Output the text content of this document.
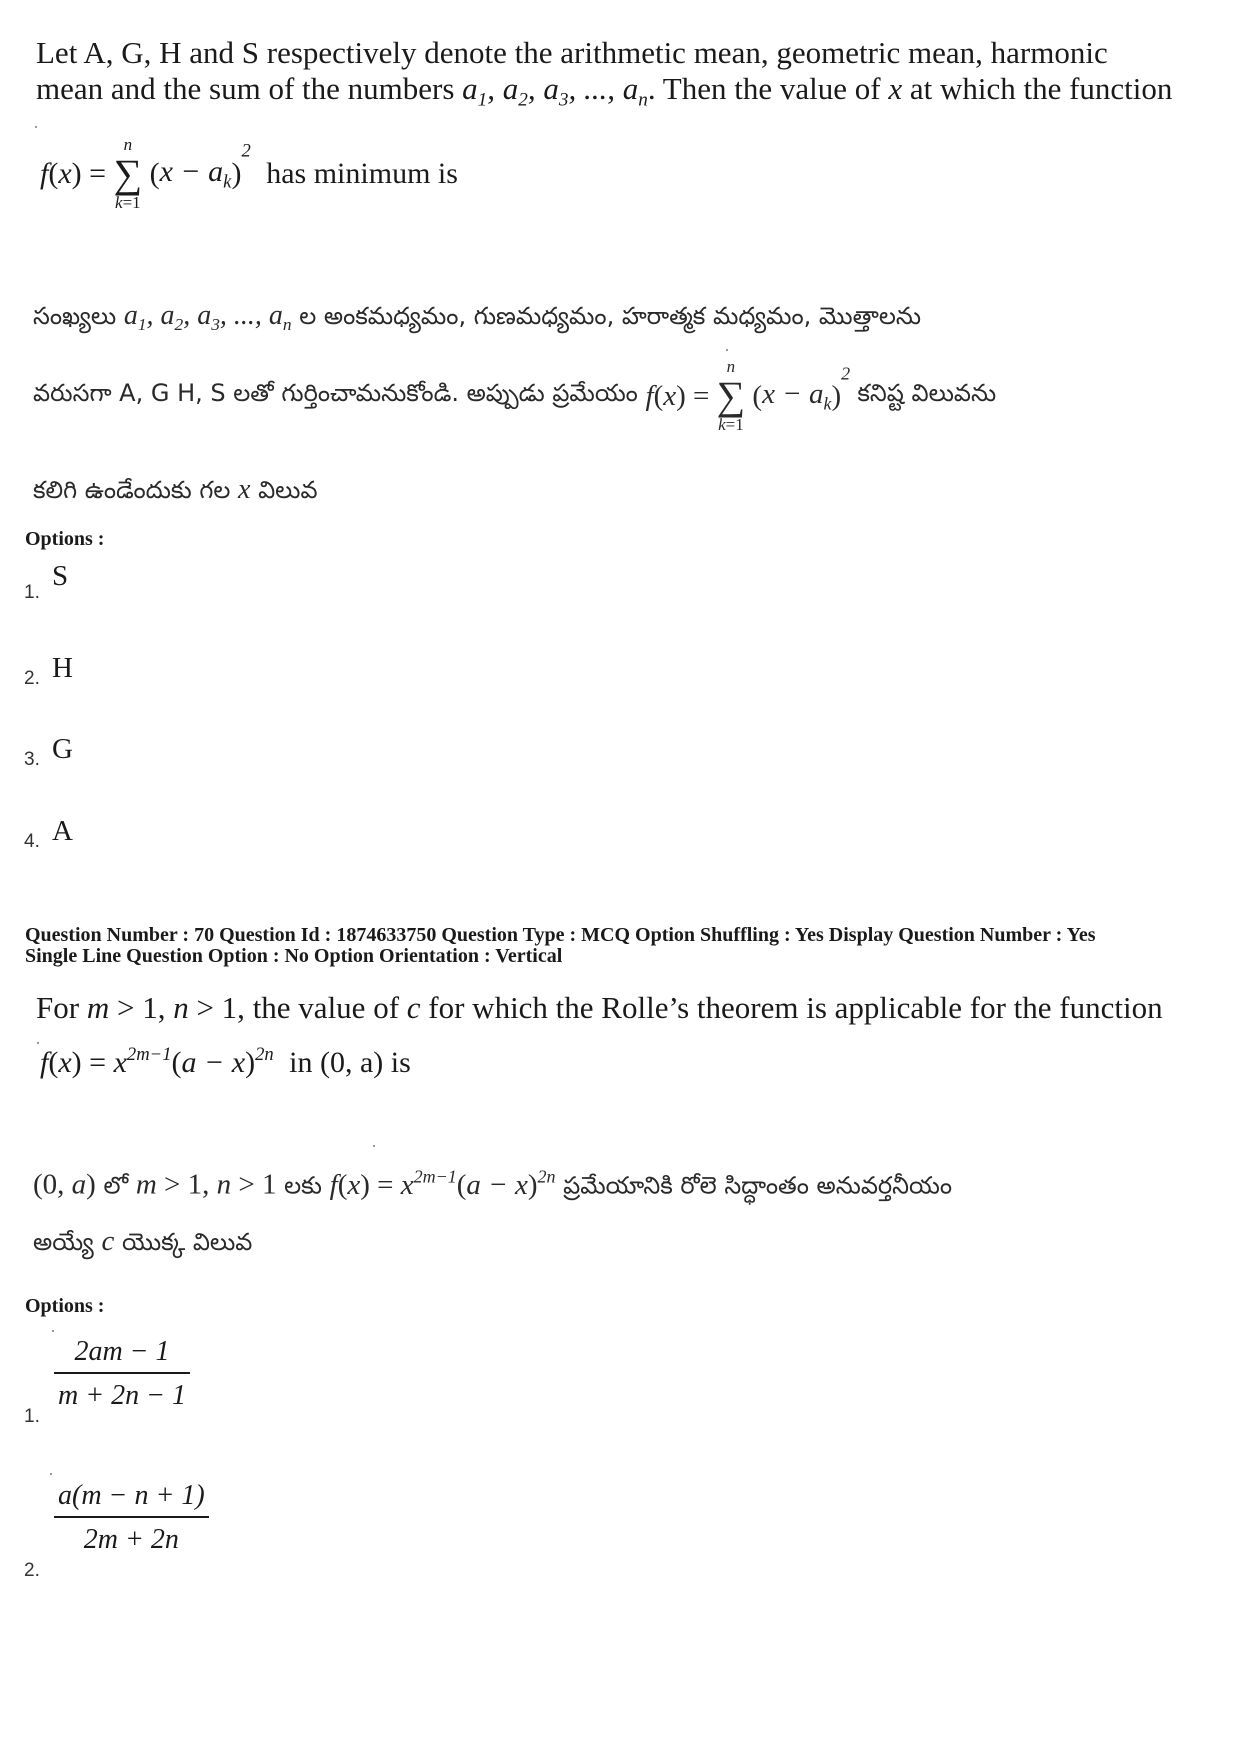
Let A, G, H and S respectively denote the arithmetic mean, geometric mean, harmonic
mean and the sum of the numbers $a_1$, $a_2$, $a_3$, ..., $a_n$. Then the value of x at which the function
f(x) =
n
∑
k=1
$(x - a_k)^2$ has minimum is
సంఖ్యలు $a_1$, $a_2$, $a_3$, ..., $a_n$ ల అంకమధ్యమం, గుణమధ్యమం, హరాత్మక మధ్యమం, మొత్తాలను
వరుసగా A, G H, S లతో గుర్తించామనుకోండి. అప్పుడు ప్రమేయం f(x) =
n
∑
k=1
$(x - a_k)^2$ కనిష్ట విలువను
కలిగి ఉండేందుకు గల x విలువ
Options :
1.
S
2. H
3. G
4. A
Question Number : 70 Question Id : 1874633750 Question Type : MCQ Option Shuffling : Yes Display Question Number : Yes
Single Line Question Option : No Option Orientation : Vertical
For m > 1, n > 1, the value of c for which the Rolle’s theorem is applicable for the function
$f(x) = x^{2m-1}(a - x)^{2n}$ in (0, a) is
(0, a) లో m > 1, n > 1 లకు $f(x) = x^{2m-1}(a - x)^{2n}$ ప్రమేయానికి రోలె సిద్ధాంతం అనువర్తనీయం
అయ్యే c యొక్క విలువ
Options :
1.
2am − 1
m + 2n − 1
2.
a(m − n + 1)
2m + 2n
